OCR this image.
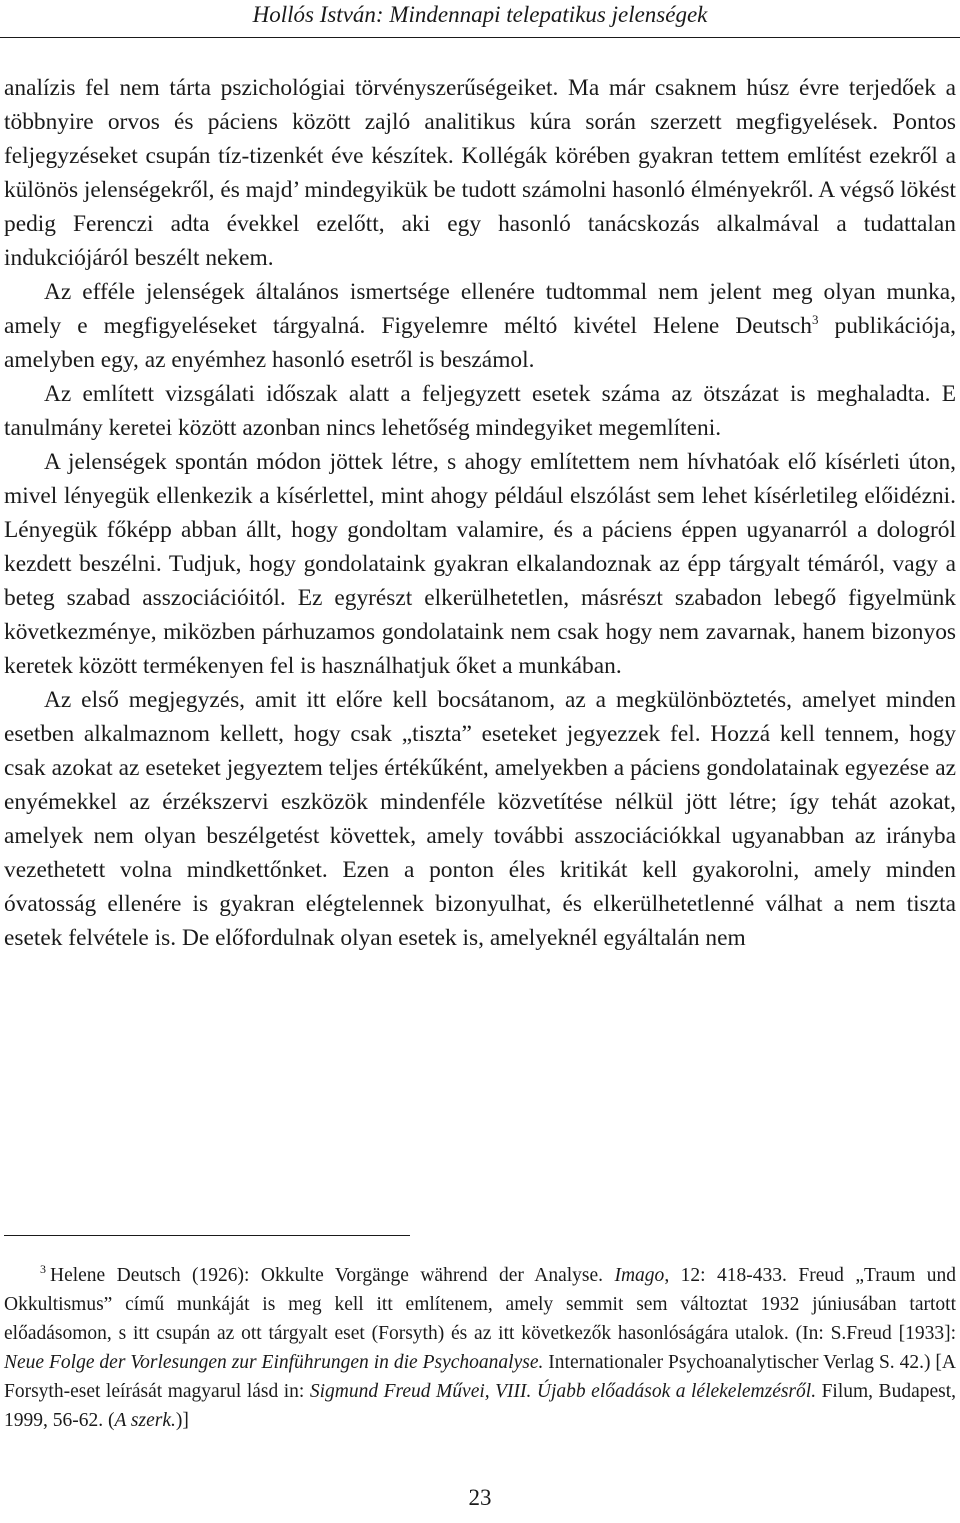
Hollós István: Mindennapi telepatikus jelenségek

analízis fel nem tárta pszichológiai törvényszerűségeiket. Ma már csaknem húsz évre terjedőek a többnyire orvos és páciens között zajló analitikus kúra során szerzett megfigyelések. Pontos feljegyzéseket csupán tíz-tizenkét éve készítek. Kollégák körében gyakran tettem említést ezekről a különös jelenségekről, és majd’ mindegyikük be tudott számolni hasonló élményekről. A végső lökést pedig Ferenczi adta évekkel ezelőtt, aki egy hasonló tanácskozás alkalmával a tudattalan indukciójáról beszélt nekem.

Az efféle jelenségek általános ismertsége ellenére tudtommal nem jelent meg olyan munka, amely e megfigyeléseket tárgyalná. Figyelemre méltó kivétel Helene Deutsch$^3$ publikációja, amelyben egy, az enyémhez hasonló esetről is beszámol.

Az említett vizsgálati időszak alatt a feljegyzett esetek száma az ötszázat is meghaladta. E tanulmány keretei között azonban nincs lehetőség mindegyiket megemlíteni.

A jelenségek spontán módon jöttek létre, s ahogy említettem nem hívhatóak elő kísérleti úton, mivel lényegük ellenkezik a kísérlettel, mint ahogy például elszólást sem lehet kísérletileg előidézni. Lényegük főképp abban állt, hogy gondoltam valamire, és a páciens éppen ugyanarról a dologról kezdett beszélni. Tudjuk, hogy gondolataink gyakran elkalandoznak az épp tárgyalt témáról, vagy a beteg szabad asszociációitól. Ez egyrészt elkerülhetetlen, másrészt szabadon lebegő figyelmünk következménye, miközben párhuzamos gondolataink nem csak hogy nem zavarnak, hanem bizonyos keretek között termékenyen fel is használhatjuk őket a munkában.

Az első megjegyzés, amit itt előre kell bocsátanom, az a megkülönböztetés, amelyet minden esetben alkalmaznom kellett, hogy csak „tiszta” eseteket jegyezzek fel. Hozzá kell tennem, hogy csak azokat az eseteket jegyeztem teljes értékűként, amelyekben a páciens gondolatainak egyezése az enyémekkel az érzékszervi eszközök mindenféle közvetítése nélkül jött létre; így tehát azokat, amelyek nem olyan beszélgetést követtek, amely további asszociációkkal ugyanabban az irányba vezethetett volna mindkettőnket. Ezen a ponton éles kritikát kell gyakorolni, amely minden óvatosság ellenére is gyakran elégtelennek bizonyulhat, és elkerülhetetlenné válhat a nem tiszta esetek felvétele is. De előfordulnak olyan esetek is, amelyeknél egyáltalán nem

$^3$ Helene Deutsch (1926): Okkulte Vorgänge während der Analyse. Imago, 12: 418-433. Freud „Traum und Okkultismus” című munkáját is meg kell itt említenem, amely semmit sem változtat 1932 júniusában tartott előadásomon, s itt csupán az ott tárgyalt eset (Forsyth) és az itt következők hasonlóságára utalok. (In: S.Freud [1933]: Neue Folge der Vorlesungen zur Einführungen in die Psychoanalyse. Internationaler Psychoanalytischer Verlag S. 42.) [A Forsyth-eset leírását magyarul lásd in: Sigmund Freud Művei, VIII. Újabb előadások a lélekelemzésről. Filum, Budapest, 1999, 56-62. (A szerk.)]

23
